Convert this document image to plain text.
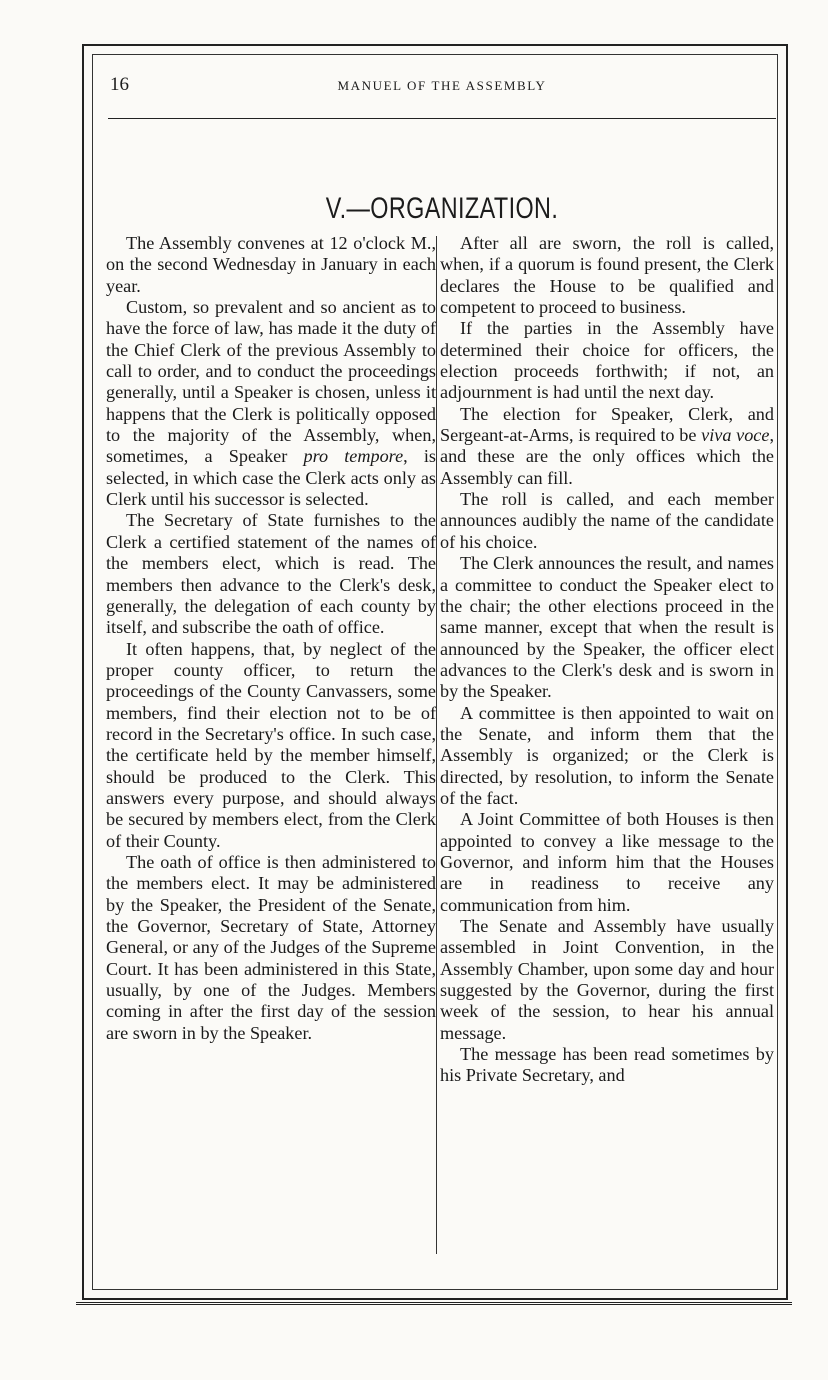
16	MANUEL OF THE ASSEMBLY
V.—ORGANIZATION.

The Assembly convenes at 12 o'clock M., on the second Wednesday in January in each year.

Custom, so prevalent and so ancient as to have the force of law, has made it the duty of the Chief Clerk of the previous Assembly to call to order, and to conduct the proceedings generally, until a Speaker is chosen, unless it happens that the Clerk is politically opposed to the majority of the Assembly, when, sometimes, a Speaker pro tempore, is selected, in which case the Clerk acts only as Clerk until his successor is selected.

The Secretary of State furnishes to the Clerk a certified statement of the names of the members elect, which is read. The members then advance to the Clerk's desk, generally, the delegation of each county by itself, and subscribe the oath of office.

It often happens, that, by neglect of the proper county officer, to return the proceedings of the County Canvassers, some members, find their election not to be of record in the Secretary's office. In such case, the certificate held by the member himself, should be produced to the Clerk. This answers every purpose, and should always be secured by members elect, from the Clerk of their County.

The oath of office is then administered to the members elect. It may be administered by the Speaker, the President of the Senate, the Governor, Secretary of State, Attorney General, or any of the Judges of the Supreme Court. It has been administered in this State, usually, by one of the Judges. Members coming in after the first day of the session are sworn in by the Speaker.

After all are sworn, the roll is called, when, if a quorum is found present, the Clerk declares the House to be qualified and competent to proceed to business.

If the parties in the Assembly have determined their choice for officers, the election proceeds forthwith; if not, an adjournment is had until the next day.

The election for Speaker, Clerk, and Sergeant-at-Arms, is required to be viva voce, and these are the only offices which the Assembly can fill.

The roll is called, and each member announces audibly the name of the candidate of his choice.

The Clerk announces the result, and names a committee to conduct the Speaker elect to the chair; the other elections proceed in the same manner, except that when the result is announced by the Speaker, the officer elect advances to the Clerk's desk and is sworn in by the Speaker.

A committee is then appointed to wait on the Senate, and inform them that the Assembly is organized; or the Clerk is directed, by resolution, to inform the Senate of the fact.

A Joint Committee of both Houses is then appointed to convey a like message to the Governor, and inform him that the Houses are in readiness to receive any communication from him.

The Senate and Assembly have usually assembled in Joint Convention, in the Assembly Chamber, upon some day and hour suggested by the Governor, during the first week of the session, to hear his annual message.

The message has been read sometimes by his Private Secretary, and
